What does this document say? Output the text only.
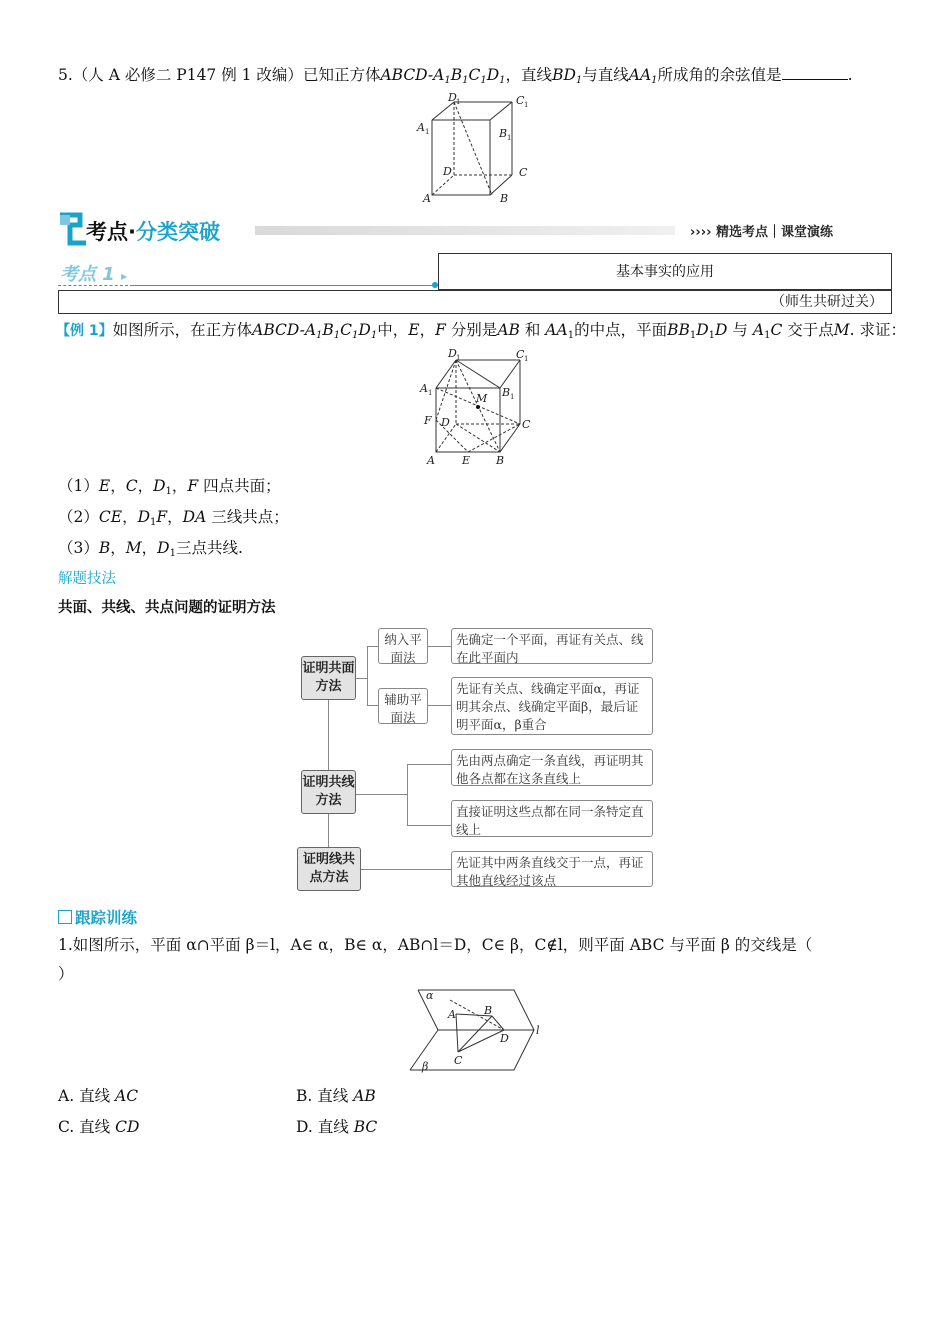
5.（人 A 必修二 P147 例 1 改编）已知正方体ABCD-$A_1B_1C_1D_1$，直线$BD_1$与直线$AA_1$所成角的余弦值是	.
D 1	C 1
A 1	B 1
D	C
A	B
考点·分类突破	›››› 精选考点｜课堂演练
考点 1 ▸	基本事实的应用
（师生共研过关）
【例 1】如图所示，在正方体ABCD-$A_1B_1C_1D_1$中，E，F 分别是AB 和 $AA_1$的中点，平面$BB_1D_1D$ 与 $A_1C$ 交于点M. 求证：
D 1	C 1
A 1	B 1
M
F D	C
A E B
（1）E，C，$D_1$，F 四点共面；
（2）CE，$D_1F$，DA 三线共点；
（3）B，M，$D_1$三点共线.
解题技法
共面、共线、共点问题的证明方法
证明共面方法
证明共线方法
证明线共点方法
纳入平面法
辅助平面法
先确定一个平面，再证有关点、线在此平面内
先证有关点、线确定平面α，再证明其余点、线确定平面β，最后证明平面α，β重合
先由两点确定一条直线，再证明其他各点都在这条直线上
直接证明这些点都在同一条特定直线上
先证其中两条直线交于一点，再证其他直线经过该点
跟踪训练
1.如图所示，平面 α∩平面 β＝l，A∈ α，B∈ α，AB∩l＝D，C∈ β，C∉l，则平面 ABC 与平面 β 的交线是（
）
α
β
A	B
C
D
l
A. 直线 AC	B. 直线 AB
C. 直线 CD	D. 直线 BC
